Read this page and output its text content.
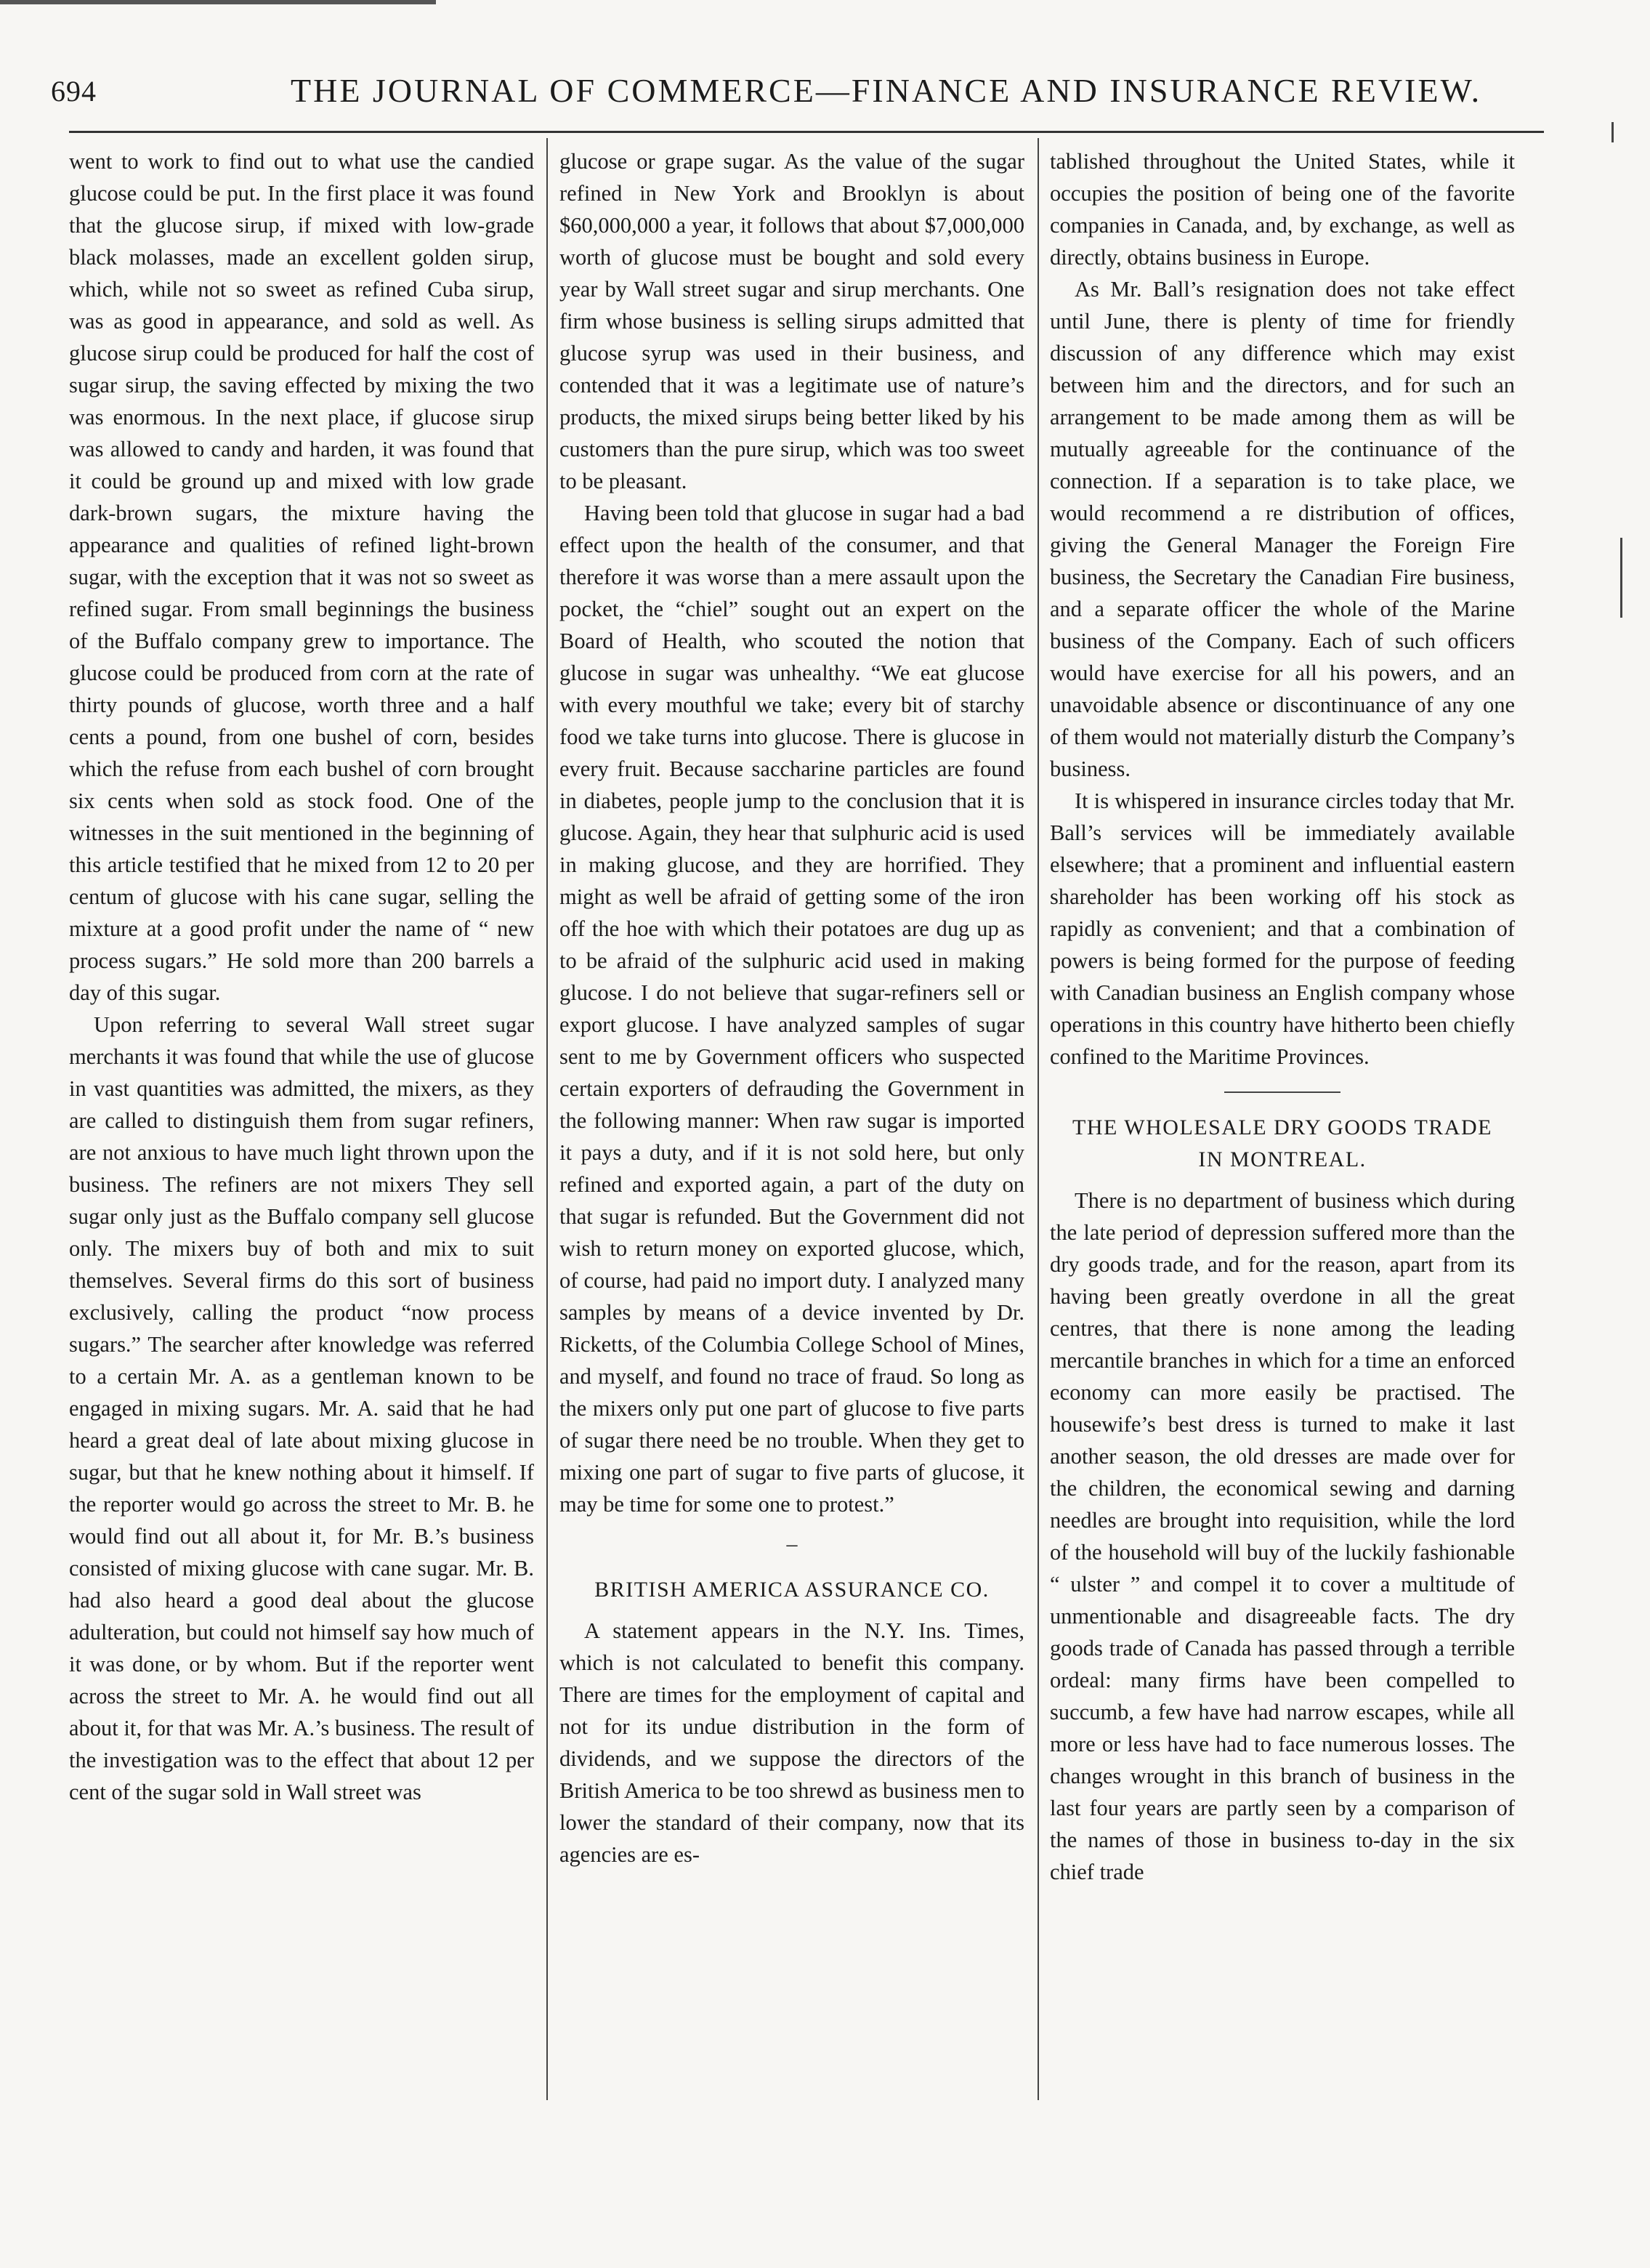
694	THE JOURNAL OF COMMERCE—FINANCE AND INSURANCE REVIEW.

went to work to find out to what use the candied glucose could be put. In the first place it was found that the glucose sirup, if mixed with low-grade black molasses, made an excellent golden sirup, which, while not so sweet as refined Cuba sirup, was as good in appearance, and sold as well. As glucose sirup could be produced for half the cost of sugar sirup, the saving effected by mixing the two was enormous. In the next place, if glucose sirup was allowed to candy and harden, it was found that it could be ground up and mixed with low grade dark-brown sugars, the mixture having the appearance and qualities of refined light-brown sugar, with the exception that it was not so sweet as refined sugar. From small beginnings the business of the Buffalo company grew to importance. The glucose could be produced from corn at the rate of thirty pounds of glucose, worth three and a half cents a pound, from one bushel of corn, besides which the refuse from each bushel of corn brought six cents when sold as stock food. One of the witnesses in the suit mentioned in the beginning of this article testified that he mixed from 12 to 20 per centum of glucose with his cane sugar, selling the mixture at a good profit under the name of “ new process sugars.” He sold more than 200 barrels a day of this sugar.

Upon referring to several Wall street sugar merchants it was found that while the use of glucose in vast quantities was admitted, the mixers, as they are called to distinguish them from sugar refiners, are not anxious to have much light thrown upon the business. The refiners are not mixers They sell sugar only just as the Buffalo company sell glucose only. The mixers buy of both and mix to suit themselves. Several firms do this sort of business exclusively, calling the product “now process sugars.” The searcher after knowledge was referred to a certain Mr. A. as a gentleman known to be engaged in mixing sugars. Mr. A. said that he had heard a great deal of late about mixing glucose in sugar, but that he knew nothing about it himself. If the reporter would go across the street to Mr. B. he would find out all about it, for Mr. B.’s business consisted of mixing glucose with cane sugar. Mr. B. had also heard a good deal about the glucose adulteration, but could not himself say how much of it was done, or by whom. But if the reporter went across the street to Mr. A. he would find out all about it, for that was Mr. A.’s business. The result of the investigation was to the effect that about 12 per cent of the sugar sold in Wall street was

glucose or grape sugar. As the value of the sugar refined in New York and Brooklyn is about $60,000,000 a year, it follows that about $7,000,000 worth of glucose must be bought and sold every year by Wall street sugar and sirup merchants. One firm whose business is selling sirups admitted that glucose syrup was used in their business, and contended that it was a legitimate use of nature’s products, the mixed sirups being better liked by his customers than the pure sirup, which was too sweet to be pleasant.

Having been told that glucose in sugar had a bad effect upon the health of the consumer, and that therefore it was worse than a mere assault upon the pocket, the “chiel” sought out an expert on the Board of Health, who scouted the notion that glucose in sugar was unhealthy. “We eat glucose with every mouthful we take; every bit of starchy food we take turns into glucose. There is glucose in every fruit. Because saccharine particles are found in diabetes, people jump to the conclusion that it is glucose. Again, they hear that sulphuric acid is used in making glucose, and they are horrified. They might as well be afraid of getting some of the iron off the hoe with which their potatoes are dug up as to be afraid of the sulphuric acid used in making glucose. I do not believe that sugar-refiners sell or export glucose. I have analyzed samples of sugar sent to me by Government officers who suspected certain exporters of defrauding the Government in the following manner: When raw sugar is imported it pays a duty, and if it is not sold here, but only refined and exported again, a part of the duty on that sugar is refunded. But the Government did not wish to return money on exported glucose, which, of course, had paid no import duty. I analyzed many samples by means of a device invented by Dr. Ricketts, of the Columbia College School of Mines, and myself, and found no trace of fraud. So long as the mixers only put one part of glucose to five parts of sugar there need be no trouble. When they get to mixing one part of sugar to five parts of glucose, it may be time for some one to protest.”

–
BRITISH AMERICA ASSURANCE CO.

A statement appears in the N.Y. Ins. Times, which is not calculated to benefit this company. There are times for the employment of capital and not for its undue distribution in the form of dividends, and we suppose the directors of the British America to be too shrewd as business men to lower the standard of their company, now that its agencies are es-

tablished throughout the United States, while it occupies the position of being one of the favorite companies in Canada, and, by exchange, as well as directly, obtains business in Europe.

As Mr. Ball’s resignation does not take effect until June, there is plenty of time for friendly discussion of any difference which may exist between him and the directors, and for such an arrangement to be made among them as will be mutually agreeable for the continuance of the connection. If a separation is to take place, we would recommend a re distribution of offices, giving the General Manager the Foreign Fire business, the Secretary the Canadian Fire business, and a separate officer the whole of the Marine business of the Company. Each of such officers would have exercise for all his powers, and an unavoidable absence or discontinuance of any one of them would not materially disturb the Company’s business.

It is whispered in insurance circles today that Mr. Ball’s services will be immediately available elsewhere; that a prominent and influential eastern shareholder has been working off his stock as rapidly as convenient; and that a combination of powers is being formed for the purpose of feeding with Canadian business an English company whose operations in this country have hitherto been chiefly confined to the Maritime Provinces.

THE WHOLESALE DRY GOODS TRADE
IN MONTREAL.

There is no department of business which during the late period of depression suffered more than the dry goods trade, and for the reason, apart from its having been greatly overdone in all the great centres, that there is none among the leading mercantile branches in which for a time an enforced economy can more easily be practised. The housewife’s best dress is turned to make it last another season, the old dresses are made over for the children, the economical sewing and darning needles are brought into requisition, while the lord of the household will buy of the luckily fashionable “ ulster ” and compel it to cover a multitude of unmentionable and disagreeable facts. The dry goods trade of Canada has passed through a terrible ordeal: many firms have been compelled to succumb, a few have had narrow escapes, while all more or less have had to face numerous losses. The changes wrought in this branch of business in the last four years are partly seen by a comparison of the names of those in business to-day in the six chief trade
